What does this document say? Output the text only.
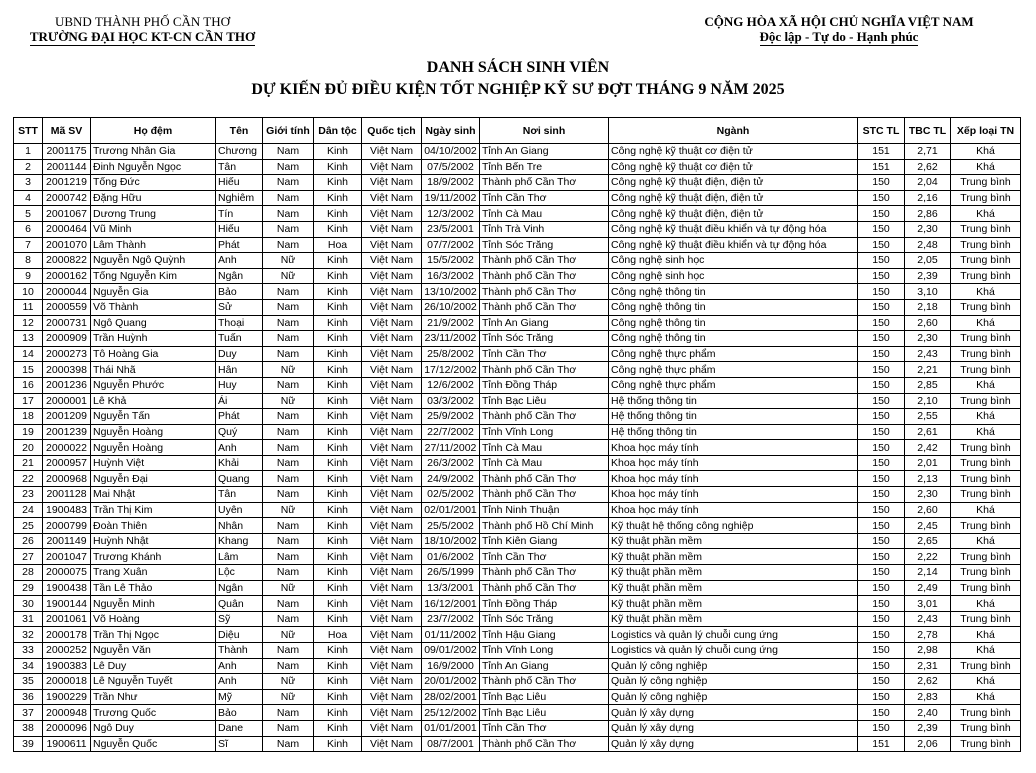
UBND THÀNH PHỐ CẦN THƠ
TRƯỜNG ĐẠI HỌC KT-CN CẦN THƠ
CỘNG HÒA XÃ HỘI CHỦ NGHĨA VIỆT NAM
Độc lập - Tự do - Hạnh phúc
DANH SÁCH SINH VIÊN
DỰ KIẾN ĐỦ ĐIỀU KIỆN TỐT NGHIỆP KỸ SƯ ĐỢT THÁNG 9 NĂM 2025
STT	Mã SV	Họ đệm	Tên	Giới tính	Dân tộc	Quốc tịch	Ngày sinh	Nơi sinh	Ngành	STC TL	TBC TL	Xếp loại TN
1	2001175	Trương Nhân Gia	Chương	Nam	Kinh	Việt Nam	04/10/2002	Tỉnh An Giang	Công nghệ kỹ thuật cơ điện tử	151	2,71	Khá
2	2001144	Đinh Nguyễn Ngọc	Tân	Nam	Kinh	Việt Nam	07/5/2002	Tỉnh Bến Tre	Công nghệ kỹ thuật cơ điện tử	151	2,62	Khá
3	2001219	Tống Đức	Hiếu	Nam	Kinh	Việt Nam	18/9/2002	Thành phố Cần Thơ	Công nghệ kỹ thuật điện, điện tử	150	2,04	Trung bình
4	2000742	Đặng Hữu	Nghiêm	Nam	Kinh	Việt Nam	19/11/2002	Tỉnh Cần Thơ	Công nghệ kỹ thuật điện, điện tử	150	2,16	Trung bình
5	2001067	Dương Trung	Tín	Nam	Kinh	Việt Nam	12/3/2002	Tỉnh Cà Mau	Công nghệ kỹ thuật điện, điện tử	150	2,86	Khá
6	2000464	Vũ Minh	Hiếu	Nam	Kinh	Việt Nam	23/5/2001	Tỉnh Trà Vinh	Công nghệ kỹ thuật điều khiển và tự động hóa	150	2,30	Trung bình
7	2001070	Lâm Thành	Phát	Nam	Hoa	Việt Nam	07/7/2002	Tỉnh Sóc Trăng	Công nghệ kỹ thuật điều khiển và tự động hóa	150	2,48	Trung bình
8	2000822	Nguyễn Ngô Quỳnh	Anh	Nữ	Kinh	Việt Nam	15/5/2002	Thành phố Cần Thơ	Công nghệ sinh học	150	2,05	Trung bình
9	2000162	Tống Nguyễn Kim	Ngân	Nữ	Kinh	Việt Nam	16/3/2002	Thành phố Cần Thơ	Công nghệ sinh học	150	2,39	Trung bình
10	2000044	Nguyễn Gia	Bảo	Nam	Kinh	Việt Nam	13/10/2002	Thành phố Cần Thơ	Công nghệ thông tin	150	3,10	Khá
11	2000559	Võ Thành	Sử	Nam	Kinh	Việt Nam	26/10/2002	Thành phố Cần Thơ	Công nghệ thông tin	150	2,18	Trung bình
12	2000731	Ngô Quang	Thoại	Nam	Kinh	Việt Nam	21/9/2002	Tỉnh An Giang	Công nghệ thông tin	150	2,60	Khá
13	2000909	Trần Huỳnh	Tuấn	Nam	Kinh	Việt Nam	23/11/2002	Tỉnh Sóc Trăng	Công nghệ thông tin	150	2,30	Trung bình
14	2000273	Tô Hoàng Gia	Duy	Nam	Kinh	Việt Nam	25/8/2002	Tỉnh Cần Thơ	Công nghệ thực phẩm	150	2,43	Trung bình
15	2000398	Thái Nhã	Hân	Nữ	Kinh	Việt Nam	17/12/2002	Thành phố Cần Thơ	Công nghệ thực phẩm	150	2,21	Trung bình
16	2001236	Nguyễn Phước	Huy	Nam	Kinh	Việt Nam	12/6/2002	Tỉnh Đồng Tháp	Công nghệ thực phẩm	150	2,85	Khá
17	2000001	Lê Khả	Ái	Nữ	Kinh	Việt Nam	03/3/2002	Tỉnh Bạc Liêu	Hệ thống thông tin	150	2,10	Trung bình
18	2001209	Nguyễn Tấn	Phát	Nam	Kinh	Việt Nam	25/9/2002	Thành phố Cần Thơ	Hệ thống thông tin	150	2,55	Khá
19	2001239	Nguyễn Hoàng	Quý	Nam	Kinh	Việt Nam	22/7/2002	Tỉnh Vĩnh Long	Hệ thống thông tin	150	2,61	Khá
20	2000022	Nguyễn Hoàng	Anh	Nam	Kinh	Việt Nam	27/11/2002	Tỉnh Cà Mau	Khoa học máy tính	150	2,42	Trung bình
21	2000957	Huỳnh Việt	Khải	Nam	Kinh	Việt Nam	26/3/2002	Tỉnh Cà Mau	Khoa học máy tính	150	2,01	Trung bình
22	2000968	Nguyễn Đại	Quang	Nam	Kinh	Việt Nam	24/9/2002	Thành phố Cần Thơ	Khoa học máy tính	150	2,13	Trung bình
23	2001128	Mai Nhật	Tân	Nam	Kinh	Việt Nam	02/5/2002	Thành phố Cần Thơ	Khoa học máy tính	150	2,30	Trung bình
24	1900483	Trần Thị Kim	Uyên	Nữ	Kinh	Việt Nam	02/01/2001	Tỉnh Ninh Thuận	Khoa học máy tính	150	2,60	Khá
25	2000799	Đoàn Thiên	Nhân	Nam	Kinh	Việt Nam	25/5/2002	Thành phố Hồ Chí Minh	Kỹ thuật hệ thống công nghiệp	150	2,45	Trung bình
26	2001149	Huỳnh Nhật	Khang	Nam	Kinh	Việt Nam	18/10/2002	Tỉnh Kiên Giang	Kỹ thuật phần mềm	150	2,65	Khá
27	2001047	Trương Khánh	Lâm	Nam	Kinh	Việt Nam	01/6/2002	Tỉnh Cần Thơ	Kỹ thuật phần mềm	150	2,22	Trung bình
28	2000075	Trang Xuân	Lộc	Nam	Kinh	Việt Nam	26/5/1999	Thành phố Cần Thơ	Kỹ thuật phần mềm	150	2,14	Trung bình
29	1900438	Tần Lê Thảo	Ngân	Nữ	Kinh	Việt Nam	13/3/2001	Thành phố Cần Thơ	Kỹ thuật phần mềm	150	2,49	Trung bình
30	1900144	Nguyễn Minh	Quân	Nam	Kinh	Việt Nam	16/12/2001	Tỉnh Đồng Tháp	Kỹ thuật phần mềm	150	3,01	Khá
31	2001061	Võ Hoàng	Sỹ	Nam	Kinh	Việt Nam	23/7/2002	Tỉnh Sóc Trăng	Kỹ thuật phần mềm	150	2,43	Trung bình
32	2000178	Trần Thị Ngọc	Diệu	Nữ	Hoa	Việt Nam	01/11/2002	Tỉnh Hậu Giang	Logistics và quản lý chuỗi cung ứng	150	2,78	Khá
33	2000252	Nguyễn Văn	Thành	Nam	Kinh	Việt Nam	09/01/2002	Tỉnh Vĩnh Long	Logistics và quản lý chuỗi cung ứng	150	2,98	Khá
34	1900383	Lê Duy	Anh	Nam	Kinh	Việt Nam	16/9/2000	Tỉnh An Giang	Quản lý công nghiệp	150	2,31	Trung bình
35	2000018	Lê Nguyễn Tuyết	Anh	Nữ	Kinh	Việt Nam	20/01/2002	Thành phố Cần Thơ	Quản lý công nghiệp	150	2,62	Khá
36	1900229	Trần Như	Mỹ	Nữ	Kinh	Việt Nam	28/02/2001	Tỉnh Bạc Liêu	Quản lý công nghiệp	150	2,83	Khá
37	2000948	Trương Quốc	Bảo	Nam	Kinh	Việt Nam	25/12/2002	Tỉnh Bạc Liêu	Quản lý xây dựng	150	2,40	Trung bình
38	2000096	Ngô Duy	Dane	Nam	Kinh	Việt Nam	01/01/2001	Tỉnh Cần Thơ	Quản lý xây dựng	150	2,39	Trung bình
39	1900611	Nguyễn Quốc	Sĩ	Nam	Kinh	Việt Nam	08/7/2001	Thành phố Cần Thơ	Quản lý xây dựng	151	2,06	Trung bình
